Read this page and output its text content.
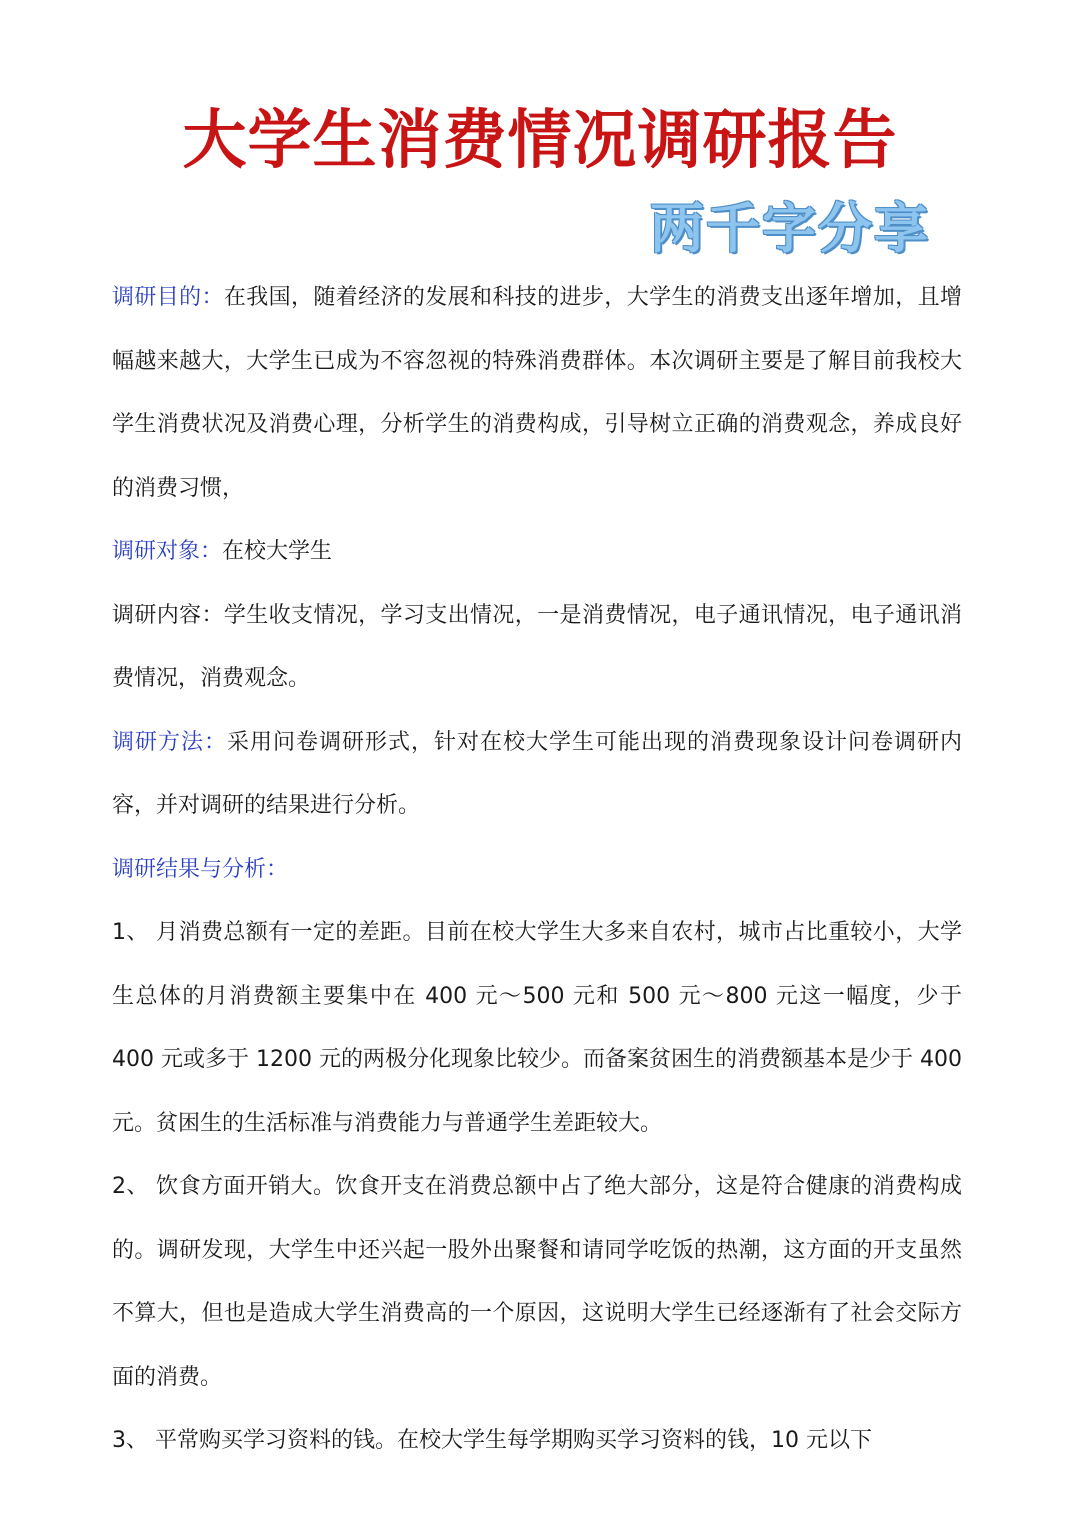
大学生消费情况调研报告
两千字分享

调研目的：在我国，随着经济的发展和科技的进步，大学生的消费支出逐年增加，且增幅越来越大，大学生已成为不容忽视的特殊消费群体。本次调研主要是了解目前我校大学生消费状况及消费心理，分析学生的消费构成，引导树立正确的消费观念，养成良好的消费习惯，

调研对象：在校大学生

调研内容：学生收支情况，学习支出情况，一是消费情况，电子通讯情况，电子通讯消费情况，消费观念。

调研方法：采用问卷调研形式，针对在校大学生可能出现的消费现象设计问卷调研内容，并对调研的结果进行分析。

调研结果与分析：

1、 月消费总额有一定的差距。目前在校大学生大多来自农村，城市占比重较小，大学生总体的月消费额主要集中在 400 元～500 元和 500 元～800 元这一幅度，少于 400 元或多于 1200 元的两极分化现象比较少。而备案贫困生的消费额基本是少于 400 元。贫困生的生活标准与消费能力与普通学生差距较大。

2、 饮食方面开销大。饮食开支在消费总额中占了绝大部分，这是符合健康的消费构成的。调研发现，大学生中还兴起一股外出聚餐和请同学吃饭的热潮，这方面的开支虽然不算大，但也是造成大学生消费高的一个原因，这说明大学生已经逐渐有了社会交际方面的消费。

3、 平常购买学习资料的钱。在校大学生每学期购买学习资料的钱，10 元以下
